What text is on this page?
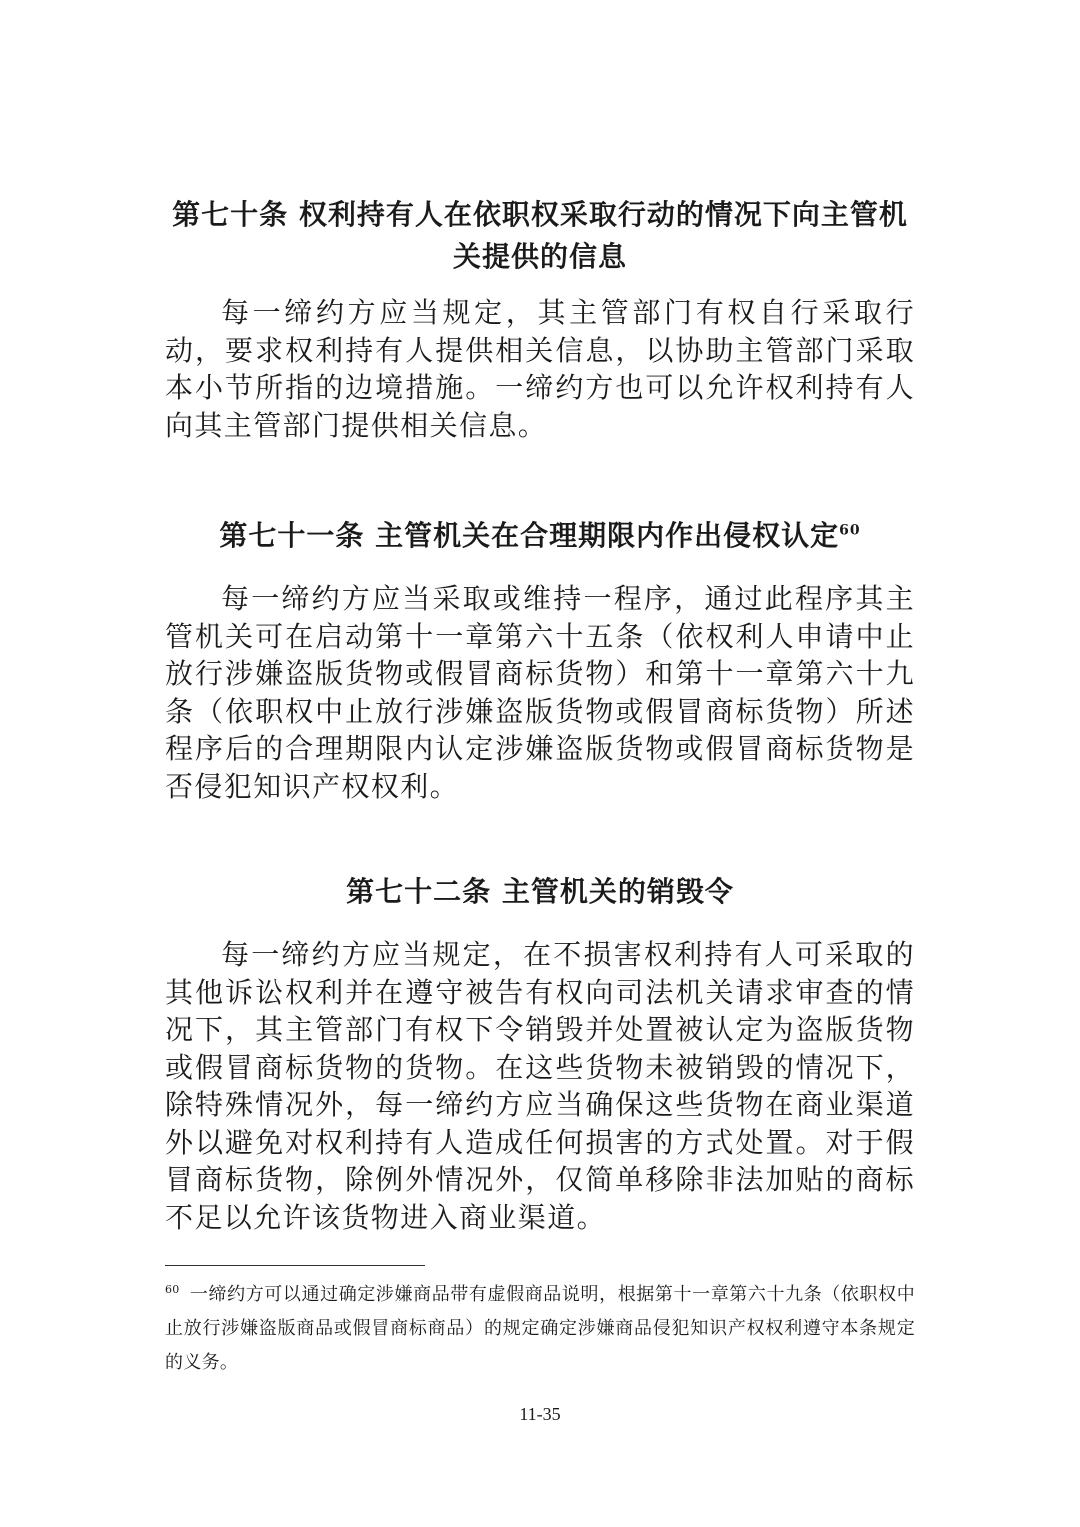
第七十条 权利持有人在依职权采取行动的情况下向主管机关提供的信息
每一缔约方应当规定，其主管部门有权自行采取行动，要求权利持有人提供相关信息，以协助主管部门采取本小节所指的边境措施。一缔约方也可以允许权利持有人向其主管部门提供相关信息。
第七十一条 主管机关在合理期限内作出侵权认定$^{60}$
每一缔约方应当采取或维持一程序，通过此程序其主管机关可在启动第十一章第六十五条（依权利人申请中止放行涉嫌盗版货物或假冒商标货物）和第十一章第六十九条（依职权中止放行涉嫌盗版货物或假冒商标货物）所述程序后的合理期限内认定涉嫌盗版货物或假冒商标货物是否侵犯知识产权权利。
第七十二条 主管机关的销毁令
每一缔约方应当规定，在不损害权利持有人可采取的其他诉讼权利并在遵守被告有权向司法机关请求审查的情况下，其主管部门有权下令销毁并处置被认定为盗版货物或假冒商标货物的货物。在这些货物未被销毁的情况下，除特殊情况外，每一缔约方应当确保这些货物在商业渠道外以避免对权利持有人造成任何损害的方式处置。对于假冒商标货物，除例外情况外，仅简单移除非法加贴的商标不足以允许该货物进入商业渠道。
$^{60}$ 一缔约方可以通过确定涉嫌商品带有虚假商品说明，根据第十一章第六十九条（依职权中止放行涉嫌盗版商品或假冒商标商品）的规定确定涉嫌商品侵犯知识产权权利遵守本条规定的义务。
11-35
